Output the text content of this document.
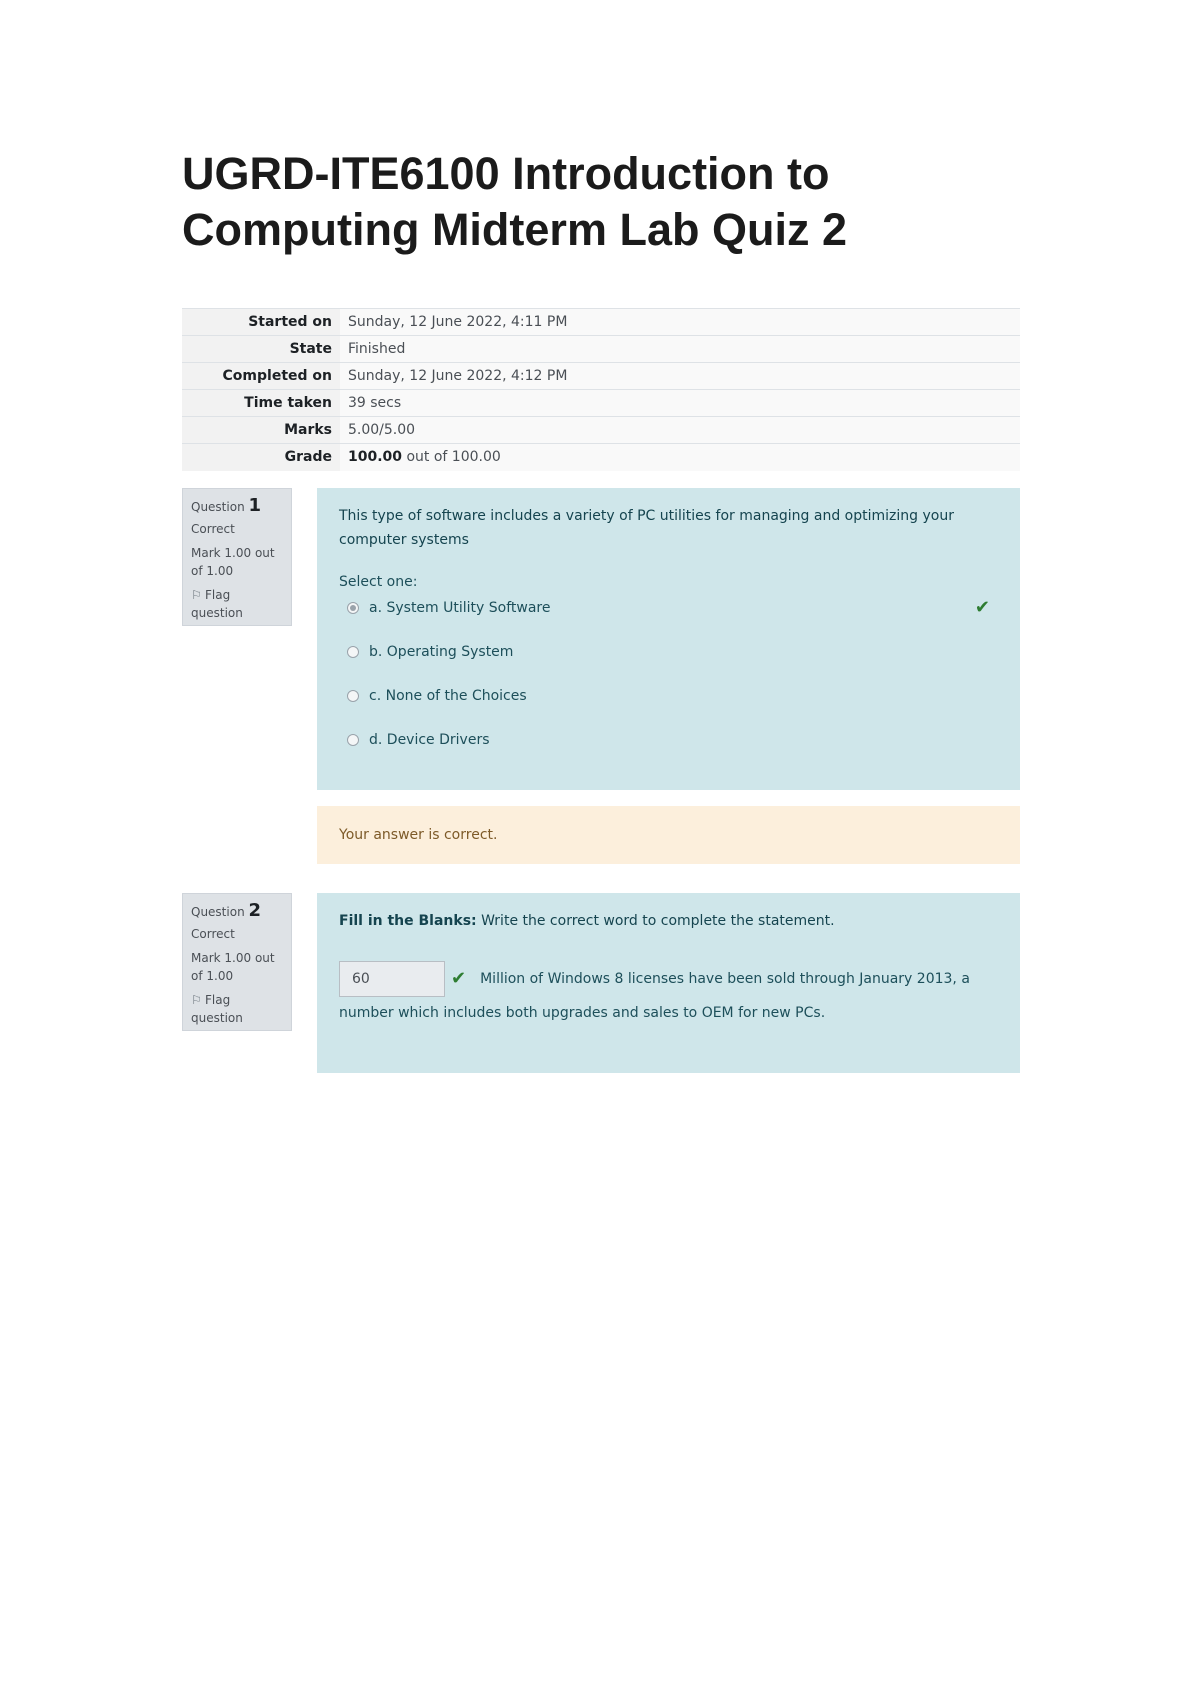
UGRD-ITE6100 Introduction to Computing Midterm Lab Quiz 2
Started on	Sunday, 12 June 2022, 4:11 PM
State	Finished
Completed on	Sunday, 12 June 2022, 4:12 PM
Time taken	39 secs
Marks	5.00/5.00
Grade	100.00 out of 100.00
Question 1
Correct
Mark 1.00 out of 1.00
⚐ Flag question
This type of software includes a variety of PC utilities for managing and optimizing your computer systems
Select one:
a. System Utility Software	✔
b. Operating System
c. None of the Choices
d. Device Drivers
Your answer is correct.
Question 2
Correct
Mark 1.00 out of 1.00
⚐ Flag question
Fill in the Blanks: Write the correct word to complete the statement.
60
✔ Million of Windows 8 licenses have been sold through January 2013, a
number which includes both upgrades and sales to OEM for new PCs.
